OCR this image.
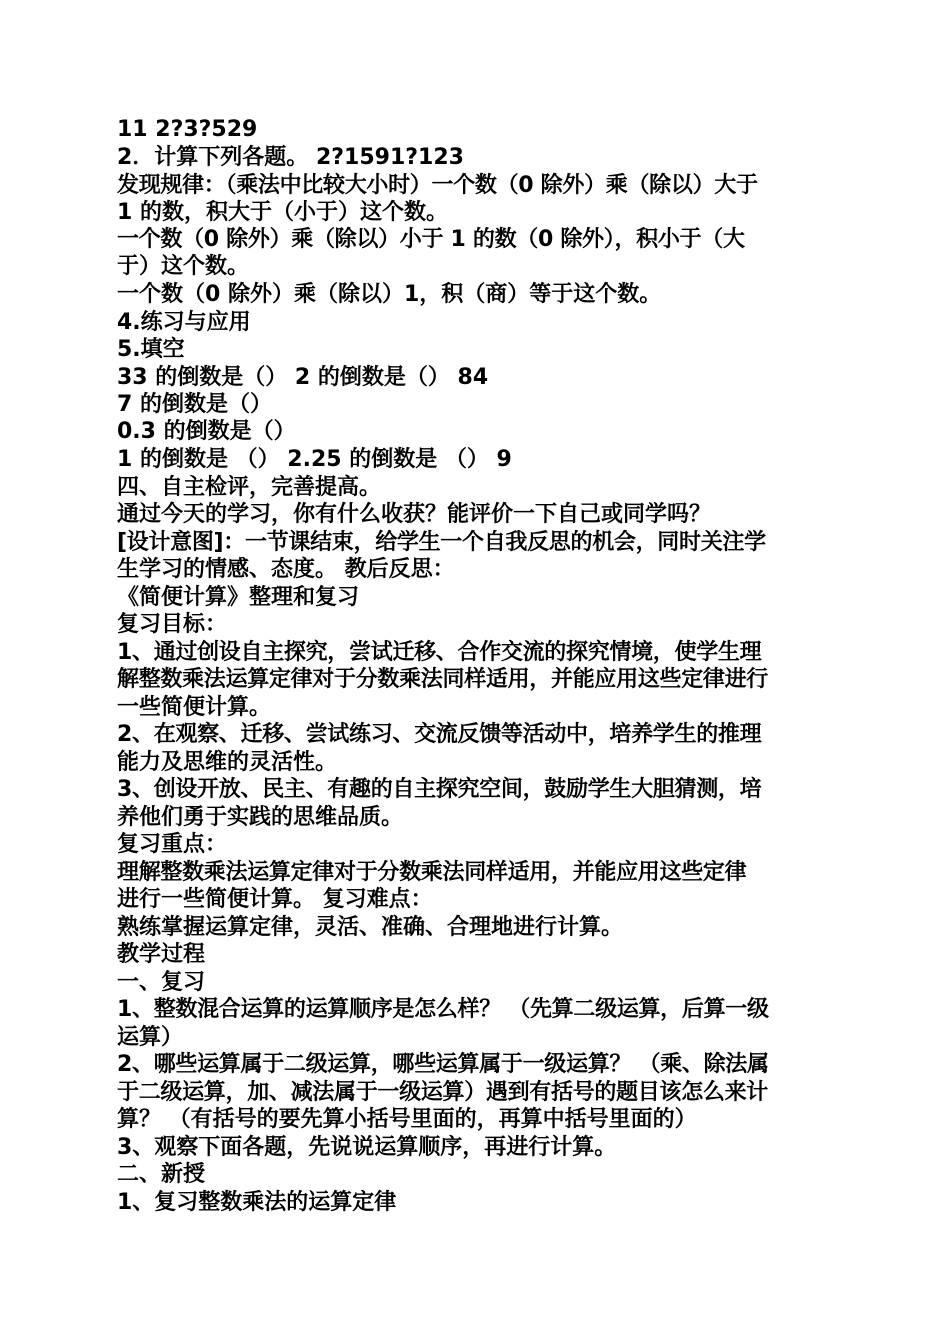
11 2?3?529
2．计算下列各题。 2?1591?123
发现规律：（乘法中比较大小时）一个数（0 除外）乘（除以）大于
1 的数，积大于（小于）这个数。
一个数（0 除外）乘（除以）小于 1 的数（0 除外），积小于（大
于）这个数。
一个数（0 除外）乘（除以）1，积（商）等于这个数。
4.练习与应用
5.填空
33 的倒数是（） 2 的倒数是（） 84
7 的倒数是（）
0.3 的倒数是（）
1 的倒数是 （） 2.25 的倒数是 （） 9
四、自主检评，完善提高。
通过今天的学习，你有什么收获？能评价一下自己或同学吗？
[设计意图]：一节课结束，给学生一个自我反思的机会，同时关注学
生学习的情感、态度。 教后反思：
《简便计算》整理和复习
复习目标：
1、通过创设自主探究，尝试迁移、合作交流的探究情境，使学生理
解整数乘法运算定律对于分数乘法同样适用，并能应用这些定律进行
一些简便计算。
2、在观察、迁移、尝试练习、交流反馈等活动中，培养学生的推理
能力及思维的灵活性。
3、创设开放、民主、有趣的自主探究空间，鼓励学生大胆猜测，培
养他们勇于实践的思维品质。
复习重点：
理解整数乘法运算定律对于分数乘法同样适用，并能应用这些定律
进行一些简便计算。 复习难点：
熟练掌握运算定律，灵活、准确、合理地进行计算。
教学过程
一、复习
1、整数混合运算的运算顺序是怎么样？ （先算二级运算，后算一级
运算）
2、哪些运算属于二级运算，哪些运算属于一级运算？ （乘、除法属
于二级运算，加、减法属于一级运算）遇到有括号的题目该怎么来计
算？ （有括号的要先算小括号里面的，再算中括号里面的）
3、观察下面各题，先说说运算顺序，再进行计算。
二、新授
1、复习整数乘法的运算定律
